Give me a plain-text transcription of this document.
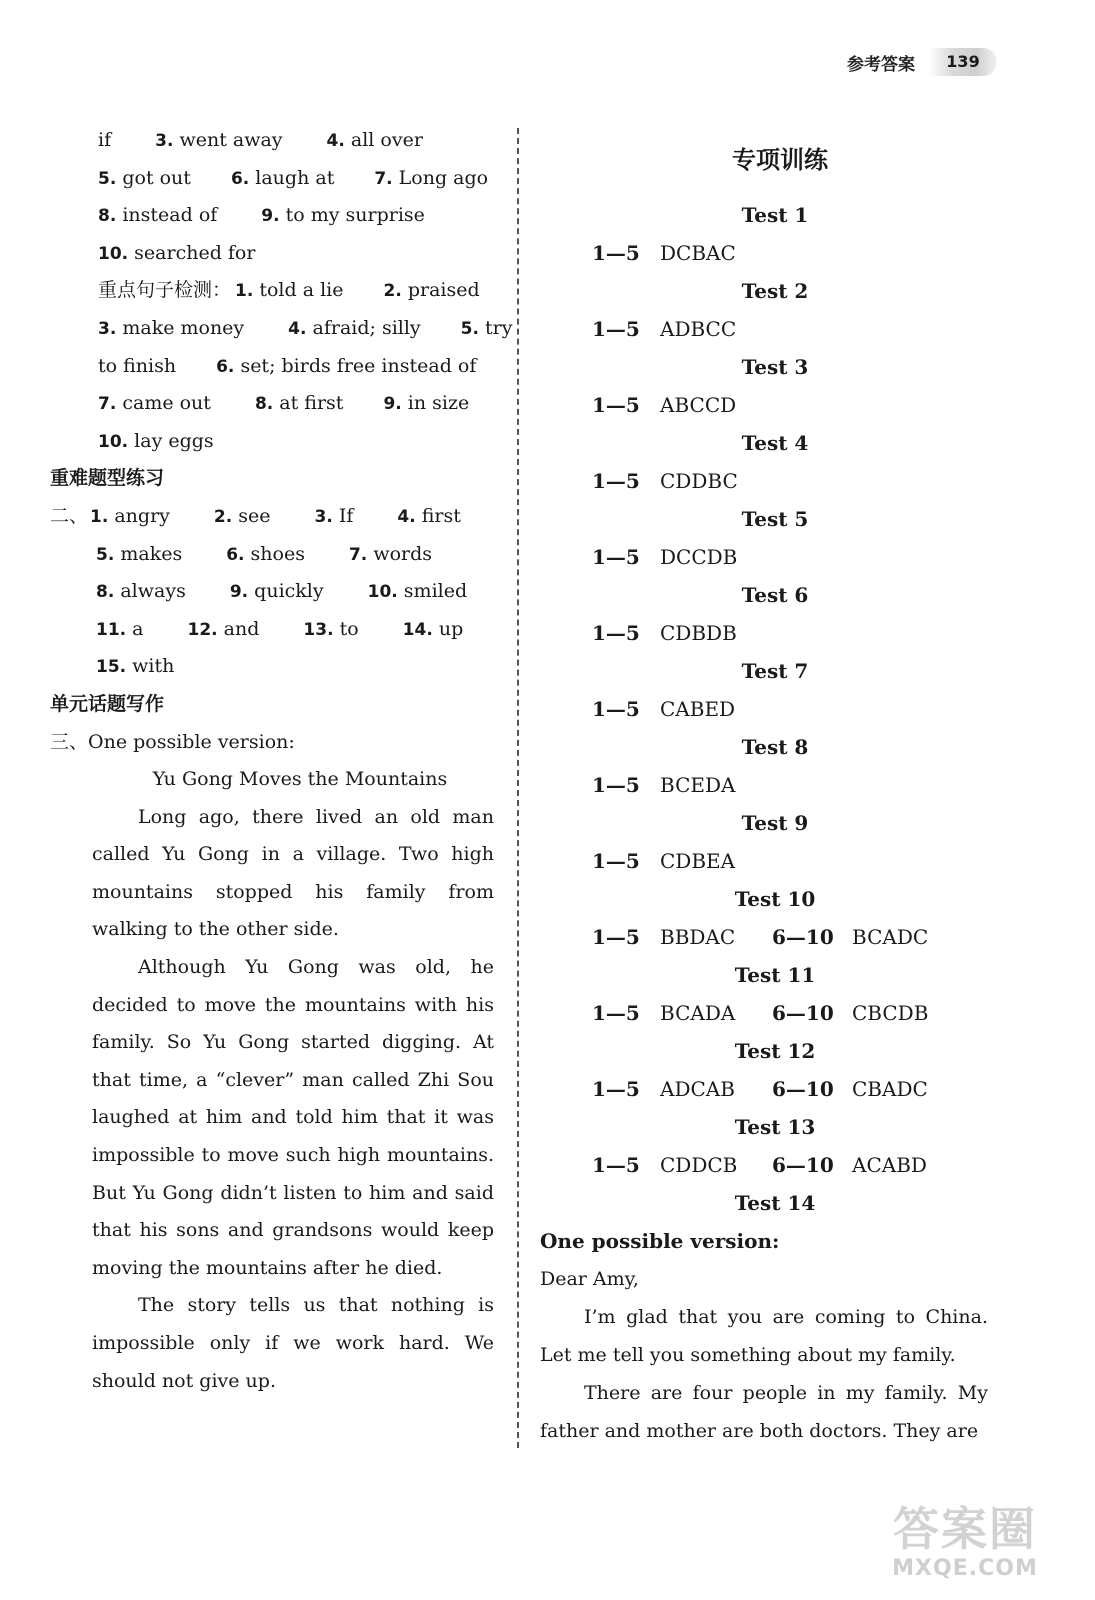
参考答案	139
if	3. went away	4. all over
5. got out 6. laugh at 7. Long ago
8. instead of	9. to my surprise
10. searched for
重点句子检测： 1. told a lie 2. praised
3. make money	4. afraid; silly 5. try
to finish 6. set; birds free instead of
7. came out	8. at first 9. in size
10. lay eggs
重难题型练习
二、 1. angry	2. see	3. If	4. first
5. makes	6. shoes	7. words
8. always	9. quickly	10. smiled
11. a	12. and	13. to	14. up
15. with
单元话题写作
三、One possible version:
Yu Gong Moves the Mountains

Long ago, there lived an old man called Yu Gong in a village. Two high mountains stopped his family from walking to the other side.

Although Yu Gong was old, he decided to move the mountains with his family. So Yu Gong started digging. At that time, a “clever” man called Zhi Sou laughed at him and told him that it was impossible to move such high mountains. But Yu Gong didn’t listen to him and said that his sons and grandsons would keep moving the mountains after he died.

The story tells us that nothing is impossible only if we work hard. We should not give up.

专项训练
Test 1
1—5 DCBAC
Test 2
1—5 ADBCC
Test 3
1—5 ABCCD
Test 4
1—5 CDDBC
Test 5
1—5 DCCDB
Test 6
1—5 CDBDB
Test 7
1—5 CABED
Test 8
1—5 BCEDA
Test 9
1—5 CDBEA
Test 10
1—5 BBDAC 6—10 BCADC
Test 11
1—5 BCADA 6—10 CBCDB
Test 12
1—5 ADCAB 6—10 CBADC
Test 13
1—5 CDDCB 6—10 ACABD
Test 14
One possible version:
Dear Amy,

I’m glad that you are coming to China. Let me tell you something about my family.

There are four people in my family. My father and mother are both doctors. They are

答案圈
MXQE.COM
